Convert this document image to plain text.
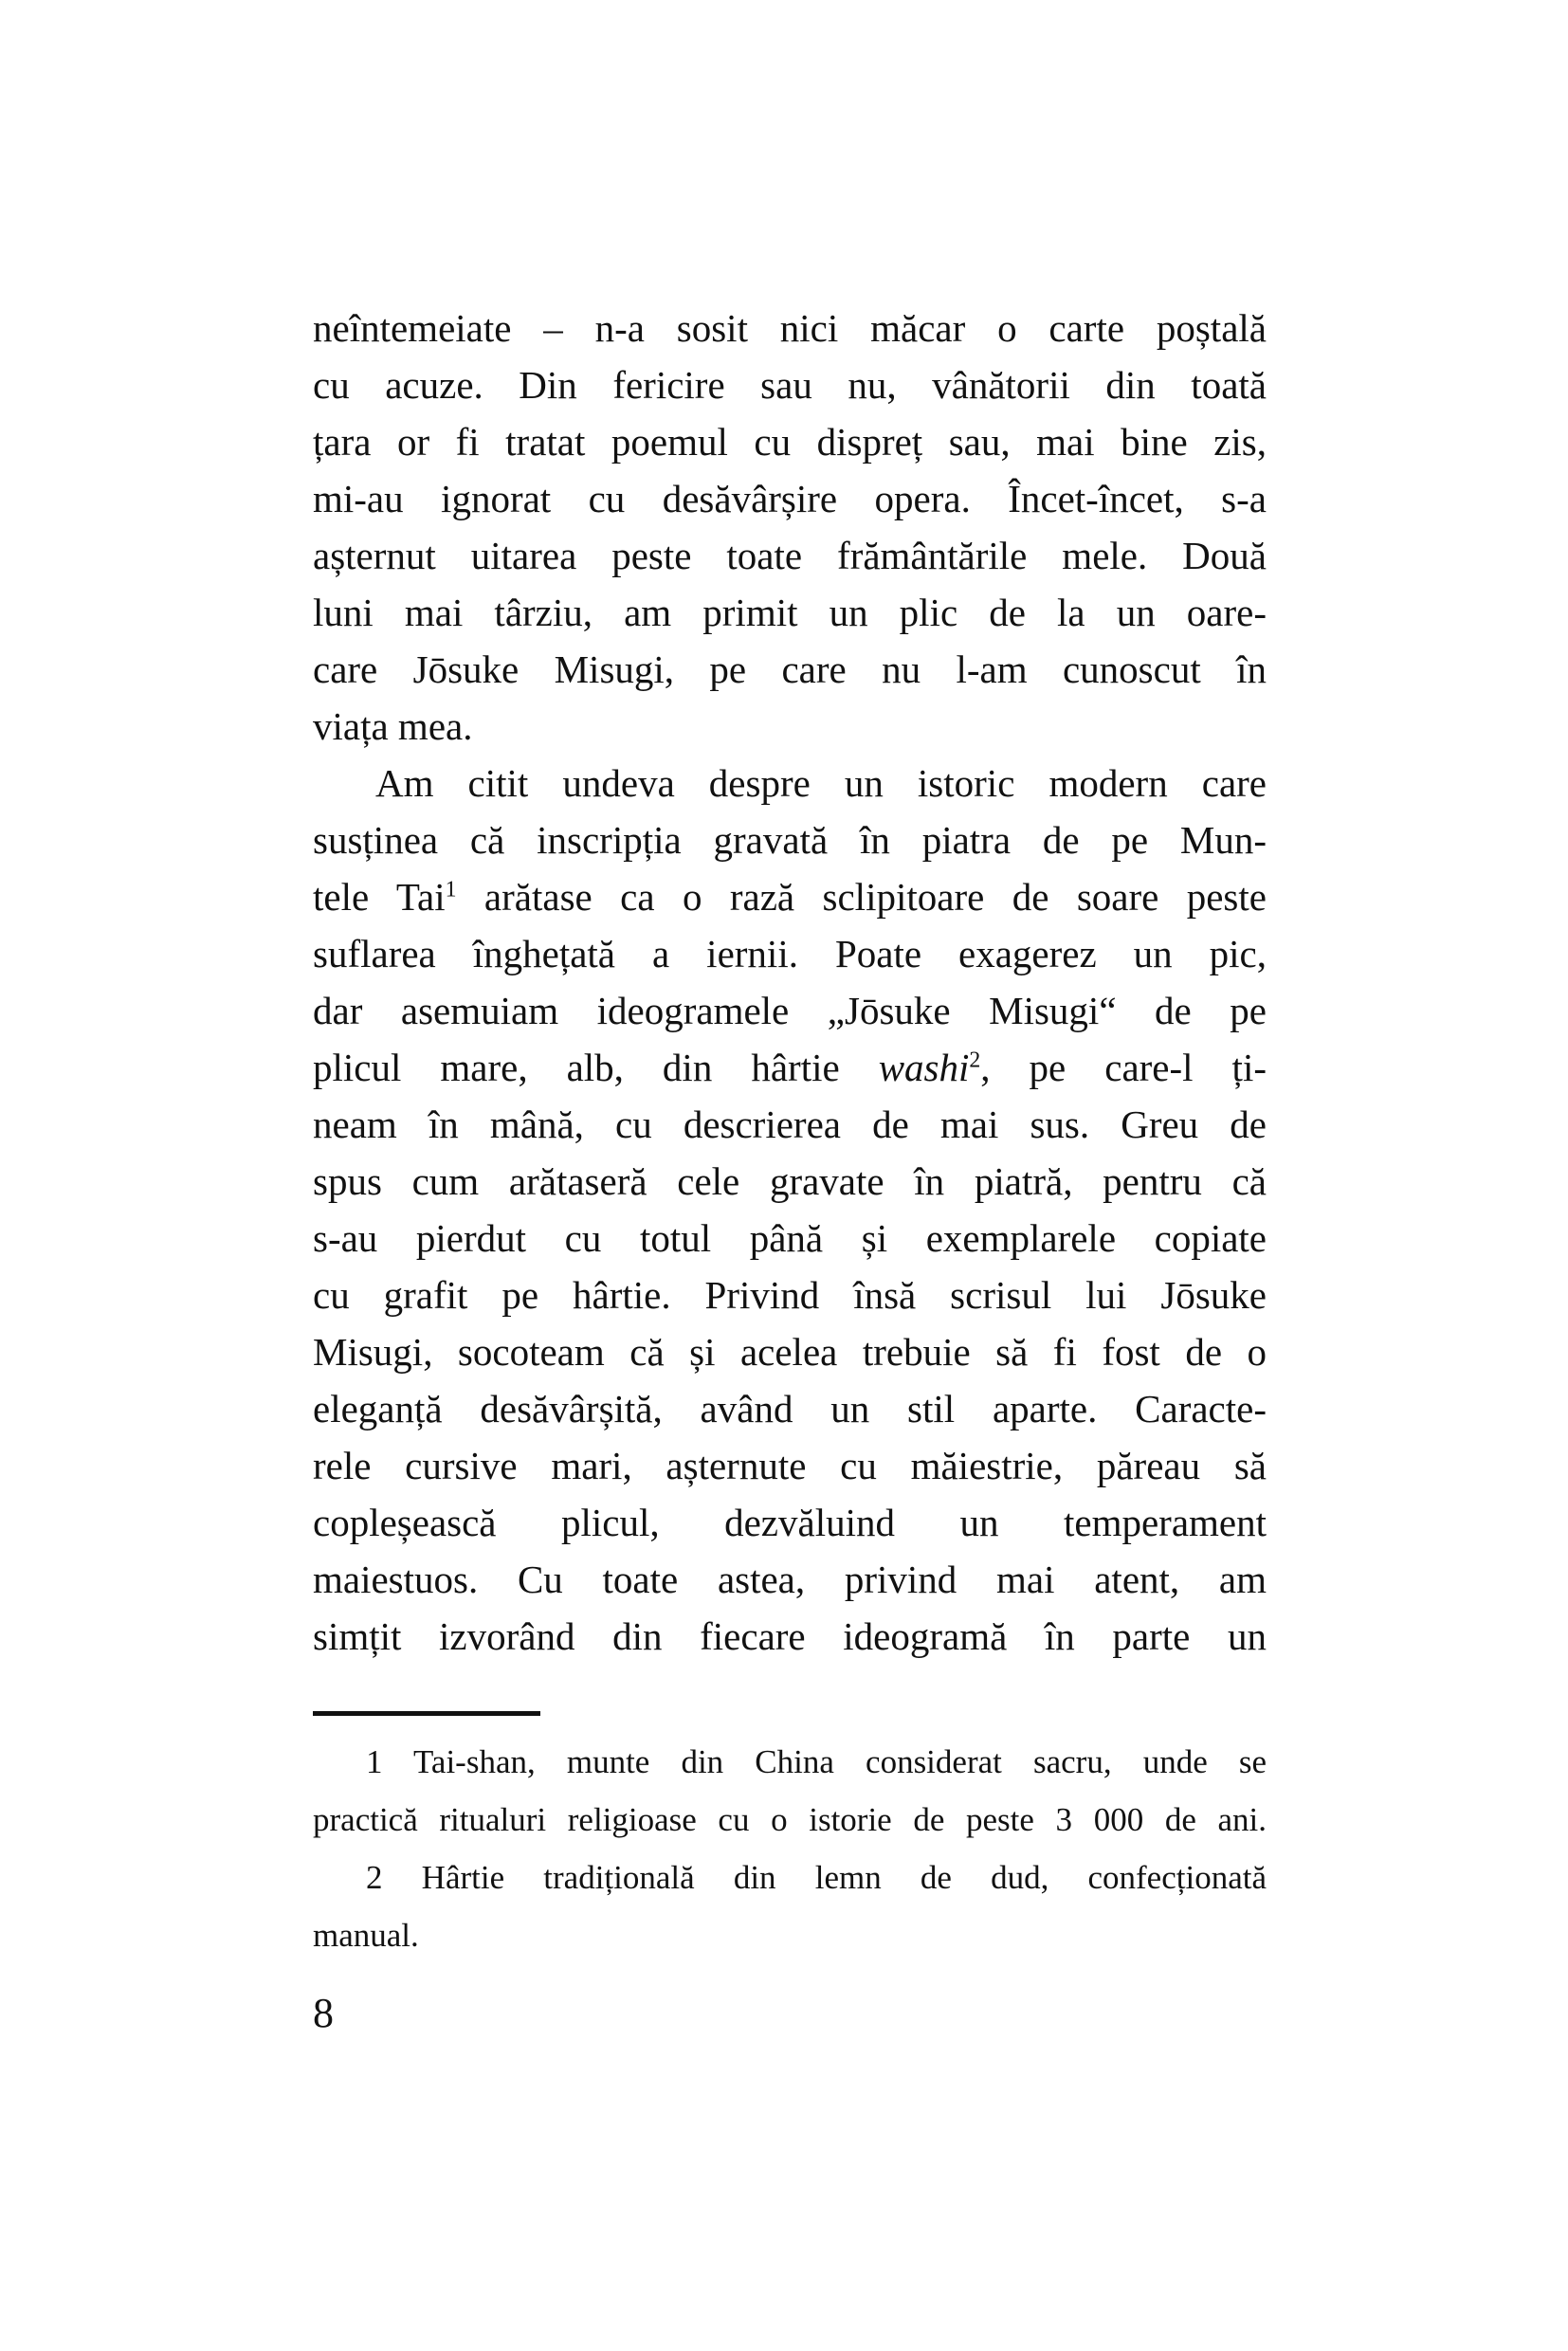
neîntemeiate – n-a sosit nici măcar o carte poștală
cu acuze. Din fericire sau nu, vânătorii din toată
țara or fi tratat poemul cu dispreț sau, mai bine zis,
mi-au ignorat cu desăvârșire opera. Încet-încet, s-a
așternut uitarea peste toate frământările mele. Două
luni mai târziu, am primit un plic de la un oare-
care Jōsuke Misugi, pe care nu l-am cunoscut în
viața mea.
Am citit undeva despre un istoric modern care
susținea că inscripția gravată în piatra de pe Mun-
tele Tai$^1$ arătase ca o rază sclipitoare de soare peste
suflarea înghețată a iernii. Poate exagerez un pic,
dar asemuiam ideogramele „Jōsuke Misugi“ de pe
plicul mare, alb, din hârtie washi$^2$, pe care-l ți-
neam în mână, cu descrierea de mai sus. Greu de
spus cum arătaseră cele gravate în piatră, pentru că
s-au pierdut cu totul până și exemplarele copiate
cu grafit pe hârtie. Privind însă scrisul lui Jōsuke
Misugi, socoteam că și acelea trebuie să fi fost de o
eleganță desăvârșită, având un stil aparte. Caracte-
rele cursive mari, așternute cu măiestrie, păreau să
copleșească plicul, dezvăluind un temperament
maiestuos. Cu toate astea, privind mai atent, am
simțit izvorând din fiecare ideogramă în parte un
1 Tai-shan, munte din China considerat sacru, unde se
practică ritualuri religioase cu o istorie de peste 3 000 de ani.
2 Hârtie tradițională din lemn de dud, confecționată
manual.
8
